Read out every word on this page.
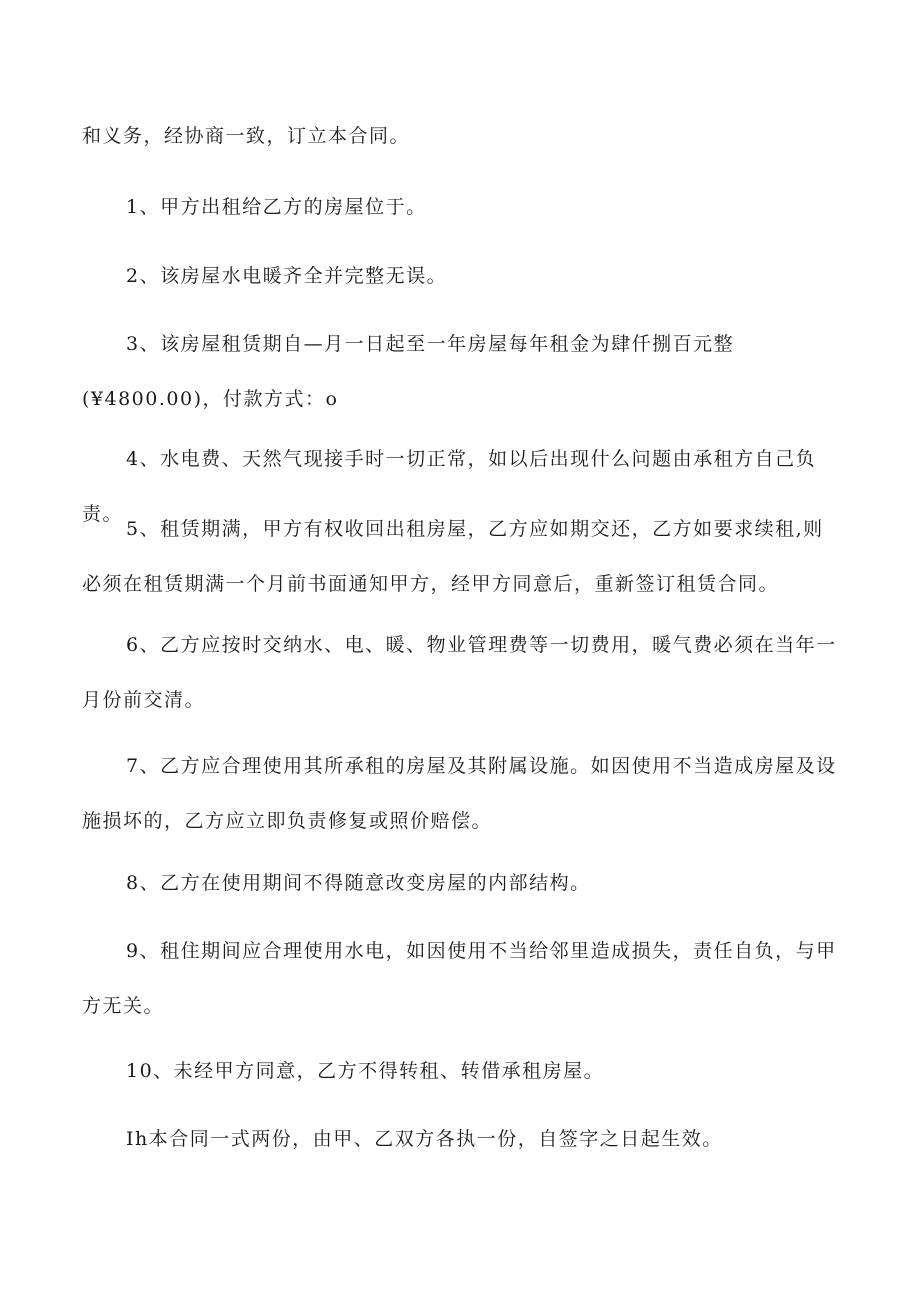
和义务，经协商一致，订立本合同。

1、甲方出租给乙方的房屋位于。

2、该房屋水电暖齐全并完整无误。

3、该房屋租赁期自—月一日起至一年房屋每年租金为肆仟捌百元整(¥4800.00)，付款方式：o

4、水电费、天然气现接手时一切正常，如以后出现什么问题由承租方自己负责。

5、租赁期满，甲方有权收回出租房屋，乙方应如期交还，乙方如要求续租,则必须在租赁期满一个月前书面通知甲方，经甲方同意后，重新签订租赁合同。

6、乙方应按时交纳水、电、暖、物业管理费等一切费用，暖气费必须在当年一月份前交清。

7、乙方应合理使用其所承租的房屋及其附属设施。如因使用不当造成房屋及设施损坏的，乙方应立即负责修复或照价赔偿。

8、乙方在使用期间不得随意改变房屋的内部结构。

9、租住期间应合理使用水电，如因使用不当给邻里造成损失，责任自负，与甲方无关。

10、未经甲方同意，乙方不得转租、转借承租房屋。

Ih本合同一式两份，由甲、乙双方各执一份，自签字之日起生效。
